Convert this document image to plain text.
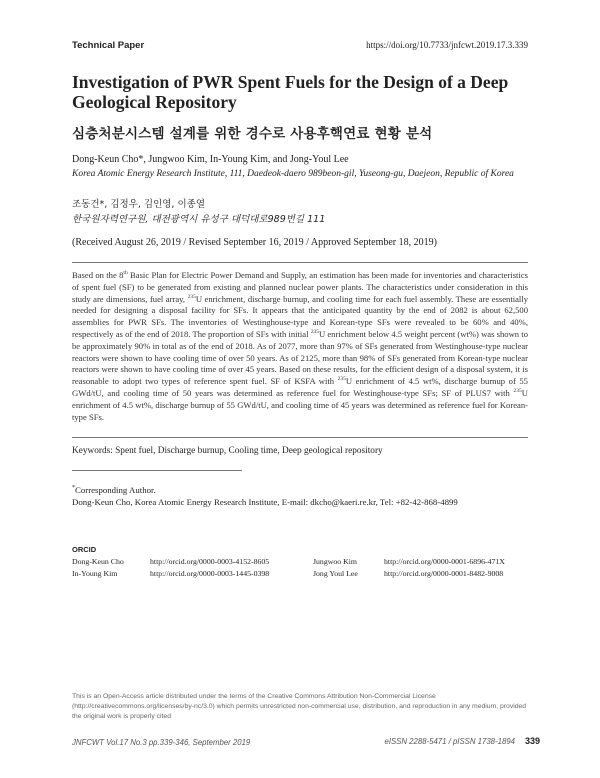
Technical Paper	https://doi.org/10.7733/jnfcwt.2019.17.3.339
Investigation of PWR Spent Fuels for the Design of a Deep Geological Repository
심층처분시스템 설계를 위한 경수로 사용후핵연료 현황 분석
Dong-Keun Cho*, Jungwoo Kim, In-Young Kim, and Jong-Youl Lee
Korea Atomic Energy Research Institute, 111, Daedeok-daero 989beon-gil, Yuseong-gu, Daejeon, Republic of Korea
조동건*, 김정우, 김인영, 이종열
한국원자력연구원, 대전광역시 유성구 대덕대로989번길 111
(Received August 26, 2019 / Revised September 16, 2019 / Approved September 18, 2019)
Based on the 8th Basic Plan for Electric Power Demand and Supply, an estimation has been made for inventories and characteristics of spent fuel (SF) to be generated from existing and planned nuclear power plants. The characteristics under consideration in this study are dimensions, fuel array, $^{235}$U enrichment, discharge burnup, and cooling time for each fuel assembly. These are essentially needed for designing a disposal facility for SFs. It appears that the anticipated quantity by the end of 2082 is about 62,500 assemblies for PWR SFs. The inventories of Westinghouse-type and Korean-type SFs were revealed to be 60% and 40%, respectively as of the end of 2018. The proportion of SFs with initial $^{235}$U enrichment below 4.5 weight percent (wt%) was shown to be approximately 90% in total as of the end of 2018. As of 2077, more than 97% of SFs generated from Westinghouse-type nuclear reactors were shown to have cooling time of over 50 years. As of 2125, more than 98% of SFs generated from Korean-type nuclear reactors were shown to have cooling time of over 45 years. Based on these results, for the efficient design of a disposal system, it is reasonable to adopt two types of reference spent fuel. SF of KSFA with $^{235}$U enrichment of 4.5 wt%, discharge burnup of 55 GWd/tU, and cooling time of 50 years was determined as reference fuel for Westinghouse-type SFs; SF of PLUS7 with $^{235}$U enrichment of 4.5 wt%, discharge burnup of 55 GWd/tU, and cooling time of 45 years was determined as reference fuel for Korean-type SFs.
Keywords: Spent fuel, Discharge burnup, Cooling time, Deep geological repository
*Corresponding Author.
Dong-Keun Cho, Korea Atomic Energy Research Institute, E-mail: dkcho@kaeri.re.kr, Tel: +82-42-868-4899
ORCID
Dong-Keun Cho	http://orcid.org/0000-0003-4152-8605	Jungwoo Kim	http://orcid.org/0000-0001-6896-471X
In-Young Kim	http://orcid.org/0000-0003-1445-0398	Jong Youl Lee	http://orcid.org/0000-0001-8482-9008
This is an Open-Access article distributed under the terms of the Creative Commons Attribution Non-Commercial License (http://creativecommons.org/licenses/by-nc/3.0) which permits unrestricted non-commercial use, distribution, and reproduction in any medium, provided the original work is properly cited
JNFCWT Vol.17 No.3 pp.339-346, September 2019	eISSN 2288-5471 / pISSN 1738-1894 339
